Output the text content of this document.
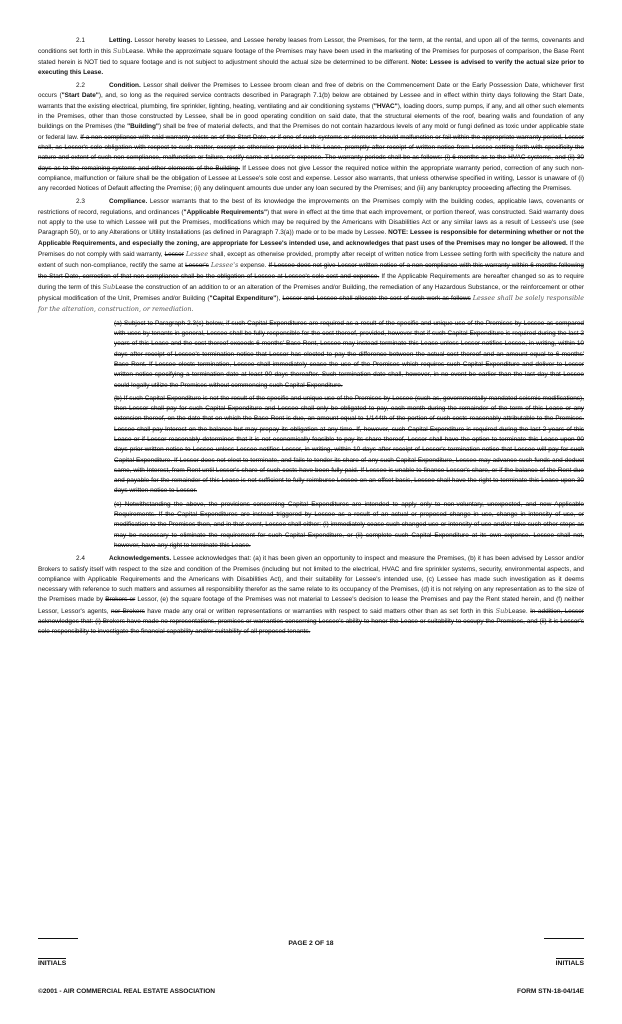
2.1	Letting. Lessor hereby leases to Lessee, and Lessee hereby leases from Lessor, the Premises, for the term, at the rental, and upon all of the terms, covenants and conditions set forth in this SubLease. While the approximate square footage of the Premises may have been used in the marketing of the Premises for purposes of comparison, the Base Rent stated herein is NOT tied to square footage and is not subject to adjustment should the actual size be determined to be different. Note: Lessee is advised to verify the actual size prior to executing this Lease.

2.2	Condition. Lessor shall deliver the Premises to Lessee broom clean and free of debris on the Commencement Date or the Early Possession Date, whichever first occurs ("Start Date"), and, so long as the required service contracts described in Paragraph 7.1(b) below are obtained by Lessee and in effect within thirty days following the Start Date, warrants that the existing electrical, plumbing, fire sprinkler, lighting, heating, ventilating and air conditioning systems ("HVAC"), loading doors, sump pumps, if any, and all other such elements in the Premises, other than those constructed by Lessee, shall be in good operating condition on said date, that the structural elements of the roof, bearing walls and foundation of any buildings on the Premises (the "Building") shall be free of material defects, and that the Premises do not contain hazardous levels of any mold or fungi defined as toxic under applicable state or federal law. If a non-compliance with said warranty exists as of the Start Date, or if one of such systems or elements should malfunction or fail within the appropriate warranty period, Lessor shall, as Lessor's sole obligation with respect to such matter, except as otherwise provided in this Lease, promptly after receipt of written notice from Lessee setting forth with specificity the nature and extent of such non-compliance, malfunction or failure, rectify same at Lessor's expense. The warranty periods shall be as follows: (i) 6 months as to the HVAC systems, and (ii) 30 days as to the remaining systems and other elements of the Building. If Lessee does not give Lessor the required notice within the appropriate warranty period, correction of any such non-compliance, malfunction or failure shall be the obligation of Lessee at Lessee's sole cost and expense. Lessor also warrants, that unless otherwise specified in writing, Lessor is unaware of (i) any recorded Notices of Default affecting the Premise; (ii) any delinquent amounts due under any loan secured by the Premises; and (iii) any bankruptcy proceeding affecting the Premises.

2.3	Compliance. Lessor warrants that to the best of its knowledge the improvements on the Premises comply with the building codes, applicable laws, covenants or restrictions of record, regulations, and ordinances ("Applicable Requirements") that were in effect at the time that each improvement, or portion thereof, was constructed. Said warranty does not apply to the use to which Lessee will put the Premises, modifications which may be required by the Americans with Disabilities Act or any similar laws as a result of Lessee's use (see Paragraph 50), or to any Alterations or Utility Installations (as defined in Paragraph 7.3(a)) made or to be made by Lessee. NOTE: Lessee is responsible for determining whether or not the Applicable Requirements, and especially the zoning, are appropriate for Lessee's intended use, and acknowledges that past uses of the Premises may no longer be allowed. If the Premises do not comply with said warranty, Lessor Lessee shall, except as otherwise provided, promptly after receipt of written notice from Lessee setting forth with specificity the nature and extent of such non-compliance, rectify the same at Lessor's Lessee's expense. If Lessee does not give Lessor written notice of a non-compliance with this warranty within 6 months following the Start Date, correction of that non-compliance shall be the obligation of Lessee at Lessee's sole cost and expense. If the Applicable Requirements are hereafter changed so as to require during the term of this SubLease the construction of an addition to or an alteration of the Premises and/or Building, the remediation of any Hazardous Substance, or the reinforcement or other physical modification of the Unit, Premises and/or Building ("Capital Expenditure"), Lessor and Lessee shall allocate the cost of such work as follows Lessee shall be solely responsible for the alteration, construction, or remediation.

(a) Subject to Paragraph 2.3(c) below, if such Capital Expenditures are required as a result of the specific and unique use of the Premises by Lessee as compared with uses by tenants in general, Lessee shall be fully responsible for the cost thereof, provided, however that if such Capital Expenditure is required during the last 2 years of this Lease and the cost thereof exceeds 6 months' Base Rent, Lessee may instead terminate this Lease unless Lessor notifies Lessee, in writing, within 10 days after receipt of Lessee's termination notice that Lessor has elected to pay the difference between the actual cost thereof and an amount equal to 6 months' Base Rent. If Lessee elects termination, Lessee shall immediately cease the use of the Premises which requires such Capital Expenditure and deliver to Lessor written notice specifying a termination date at least 90 days thereafter. Such termination date shall, however, in no event be earlier than the last day that Lessee could legally utilize the Premises without commencing such Capital Expenditure.

(b) If such Capital Expenditure is not the result of the specific and unique use of the Premises by Lessee (such as, governmentally mandated seismic modifications), then Lessor shall pay for such Capital Expenditure and Lessee shall only be obligated to pay, each month during the remainder of the term of this Lease or any extension thereof, on the date that on which the Base Rent is due, an amount equal to 1/144th of the portion of such costs reasonably attributable to the Premises. Lessee shall pay Interest on the balance but may prepay its obligation at any time. If, however, such Capital Expenditure is required during the last 2 years of this Lease or if Lessor reasonably determines that it is not economically feasible to pay its share thereof, Lessor shall have the option to terminate this Lease upon 90 days prior written notice to Lessee unless Lessee notifies Lessor, in writing, within 10 days after receipt of Lessor's termination notice that Lessee will pay for such Capital Expenditure. If Lessor does not elect to terminate, and fails to tender its share of any such Capital Expenditure, Lessee may advance such funds and deduct same, with Interest, from Rent until Lessor's share of such costs have been fully paid. If Lessee is unable to finance Lessor's share, or if the balance of the Rent due and payable for the remainder of this Lease is not sufficient to fully reimburse Lessee on an offset basis, Lessee shall have the right to terminate this Lease upon 30 days written notice to Lessor.

(c) Notwithstanding the above, the provisions concerning Capital Expenditures are intended to apply only to non-voluntary, unexpected, and new Applicable Requirements. If the Capital Expenditures are instead triggered by Lessee as a result of an actual or proposed change in use, change in intensity of use, or modification to the Premises then, and in that event, Lessee shall either: (i) immediately cease such changed use or intensity of use and/or take such other steps as may be necessary to eliminate the requirement for such Capital Expenditure, or (ii) complete such Capital Expenditure at its own expense. Lessee shall not, however, have any right to terminate this Lease.

2.4	Acknowledgements. Lessee acknowledges that: (a) it has been given an opportunity to inspect and measure the Premises, (b) it has been advised by Lessor and/or Brokers to satisfy itself with respect to the size and condition of the Premises (including but not limited to the electrical, HVAC and fire sprinkler systems, security, environmental aspects, and compliance with Applicable Requirements and the Americans with Disabilities Act), and their suitability for Lessee's intended use, (c) Lessee has made such investigation as it deems necessary with reference to such matters and assumes all responsibility therefor as the same relate to its occupancy of the Premises, (d) it is not relying on any representation as to the size of the Premises made by Brokers or Lessor, (e) the square footage of the Premises was not material to Lessee's decision to lease the Premises and pay the Rent stated herein, and (f) neither Lessor, Lessor's agents, nor Brokers have made any oral or written representations or warranties with respect to said matters other than as set forth in this SubLease. In addition, Lessor acknowledges that: (i) Brokers have made no representations, promises or warranties concerning Lessee's ability to honor the Lease or suitability to occupy the Premises, and (ii) it is Lessor's sole responsibility to investigate the financial capability and/or suitability of all proposed tenants.

PAGE 2 OF 18
INITIALS	INITIALS
©2001 - AIR COMMERCIAL REAL ESTATE ASSOCIATION	FORM STN-18-04/14E
